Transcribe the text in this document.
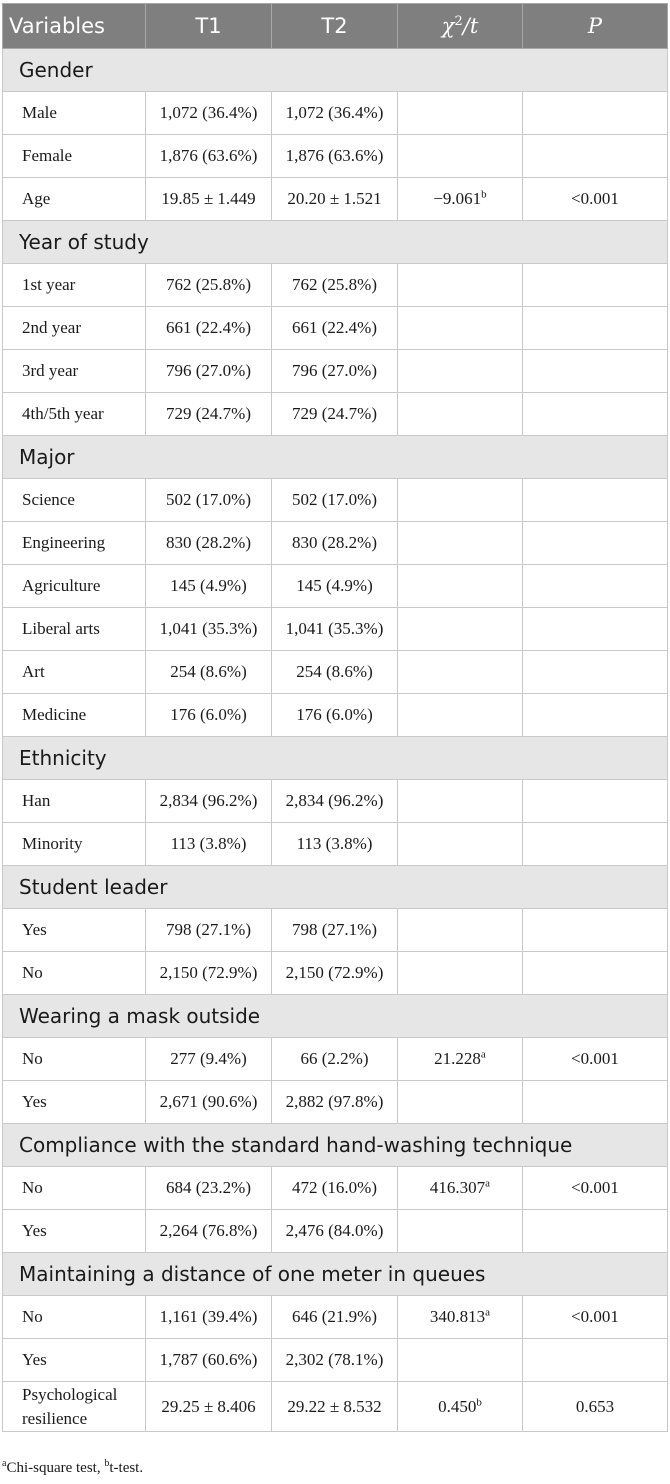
Variables	T1	T2	$\chi^2/t$	P
Gender				
Male	1,072 (36.4%)	1,072 (36.4%)		
Female	1,876 (63.6%)	1,876 (63.6%)		
Age	19.85 ± 1.449	20.20 ± 1.521	−9.061$^b$	<0.001
Year of study				
1st year	762 (25.8%)	762 (25.8%)		
2nd year	661 (22.4%)	661 (22.4%)		
3rd year	796 (27.0%)	796 (27.0%)		
4th/5th year	729 (24.7%)	729 (24.7%)		
Major				
Science	502 (17.0%)	502 (17.0%)		
Engineering	830 (28.2%)	830 (28.2%)		
Agriculture	145 (4.9%)	145 (4.9%)		
Liberal arts	1,041 (35.3%)	1,041 (35.3%)		
Art	254 (8.6%)	254 (8.6%)		
Medicine	176 (6.0%)	176 (6.0%)		
Ethnicity				
Han	2,834 (96.2%)	2,834 (96.2%)		
Minority	113 (3.8%)	113 (3.8%)		
Student leader				
Yes	798 (27.1%)	798 (27.1%)		
No	2,150 (72.9%)	2,150 (72.9%)		
Wearing a mask outside				
No	277 (9.4%)	66 (2.2%)	21.228$^a$	<0.001
Yes	2,671 (90.6%)	2,882 (97.8%)		
Compliance with the standard hand-washing technique				
No	684 (23.2%)	472 (16.0%)	416.307$^a$	<0.001
Yes	2,264 (76.8%)	2,476 (84.0%)		
Maintaining a distance of one meter in queues				
No	1,161 (39.4%)	646 (21.9%)	340.813$^a$	<0.001
Yes	1,787 (60.6%)	2,302 (78.1%)		
Psychological resilience	29.25 ± 8.406	29.22 ± 8.532	0.450$^b$	0.653
$^a$Chi-square test, $^b$t-test.
